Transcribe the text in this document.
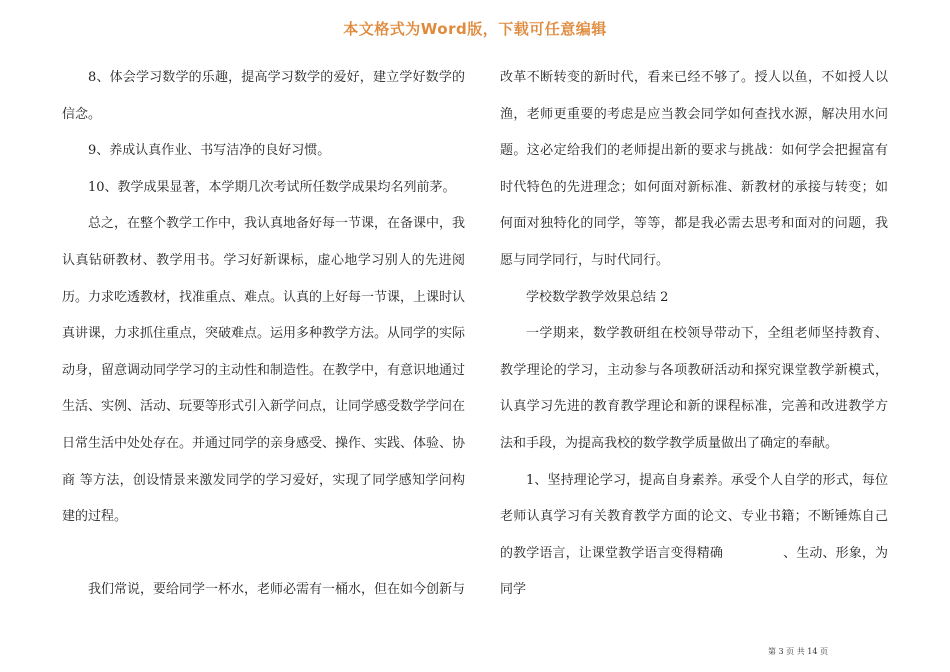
本文格式为Word版，下载可任意编辑

8、体会学习数学的乐趣，提高学习数学的爱好，建立学好数学的信念。

9、养成认真作业、书写洁净的良好习惯。

10、教学成果显著，本学期几次考试所任数学成果均名列前茅。

总之，在整个教学工作中，我认真地备好每一节课，在备课中，我认真钻研教材、教学用书。学习好新课标，虚心地学习别人的先进阅历。力求吃透教材，找准重点、难点。认真的上好每一节课，上课时认真讲课，力求抓住重点，突破难点。运用多种教学方法。从同学的实际动身，留意调动同学学习的主动性和制造性。在教学中，有意识地通过生活、实例、活动、玩要等形式引入新学问点，让同学感受数学学问在日常生活中处处存在。并通过同学的亲身感受、操作、实践、体验、协商 等方法，创设情景来激发同学的学习爱好，实现了同学感知学问构建的过程。

我们常说，要给同学一杯水，老师必需有一桶水，但在如今创新与

改革不断转变的新时代，看来已经不够了。授人以鱼，不如授人以渔，老师更重要的考虑是应当教会同学如何查找水源，解决用水问题。这必定给我们的老师提出新的要求与挑战：如何学会把握富有时代特色的先进理念；如何面对新标准、新教材的承接与转变；如何面对独特化的同学，等等，都是我必需去思考和面对的问题，我愿与同学同行，与时代同行。

学校数学教学效果总结 2

一学期来，数学教研组在校领导带动下，全组老师坚持教育、教学理论的学习，主动参与各项教研活动和探究课堂教学新模式，认真学习先进的教育教学理论和新的课程标准，完善和改进教学方法和手段，为提高我校的数学教学质量做出了确定的奉献。

1、坚持理论学习，提高自身素养。承受个人自学的形式，每位老师认真学习有关教育教学方面的论文、专业书籍；不断锤炼自己的教学语言，让课堂教学语言变得精确	、生动、形象，为同学

第 3 页 共 14 页
